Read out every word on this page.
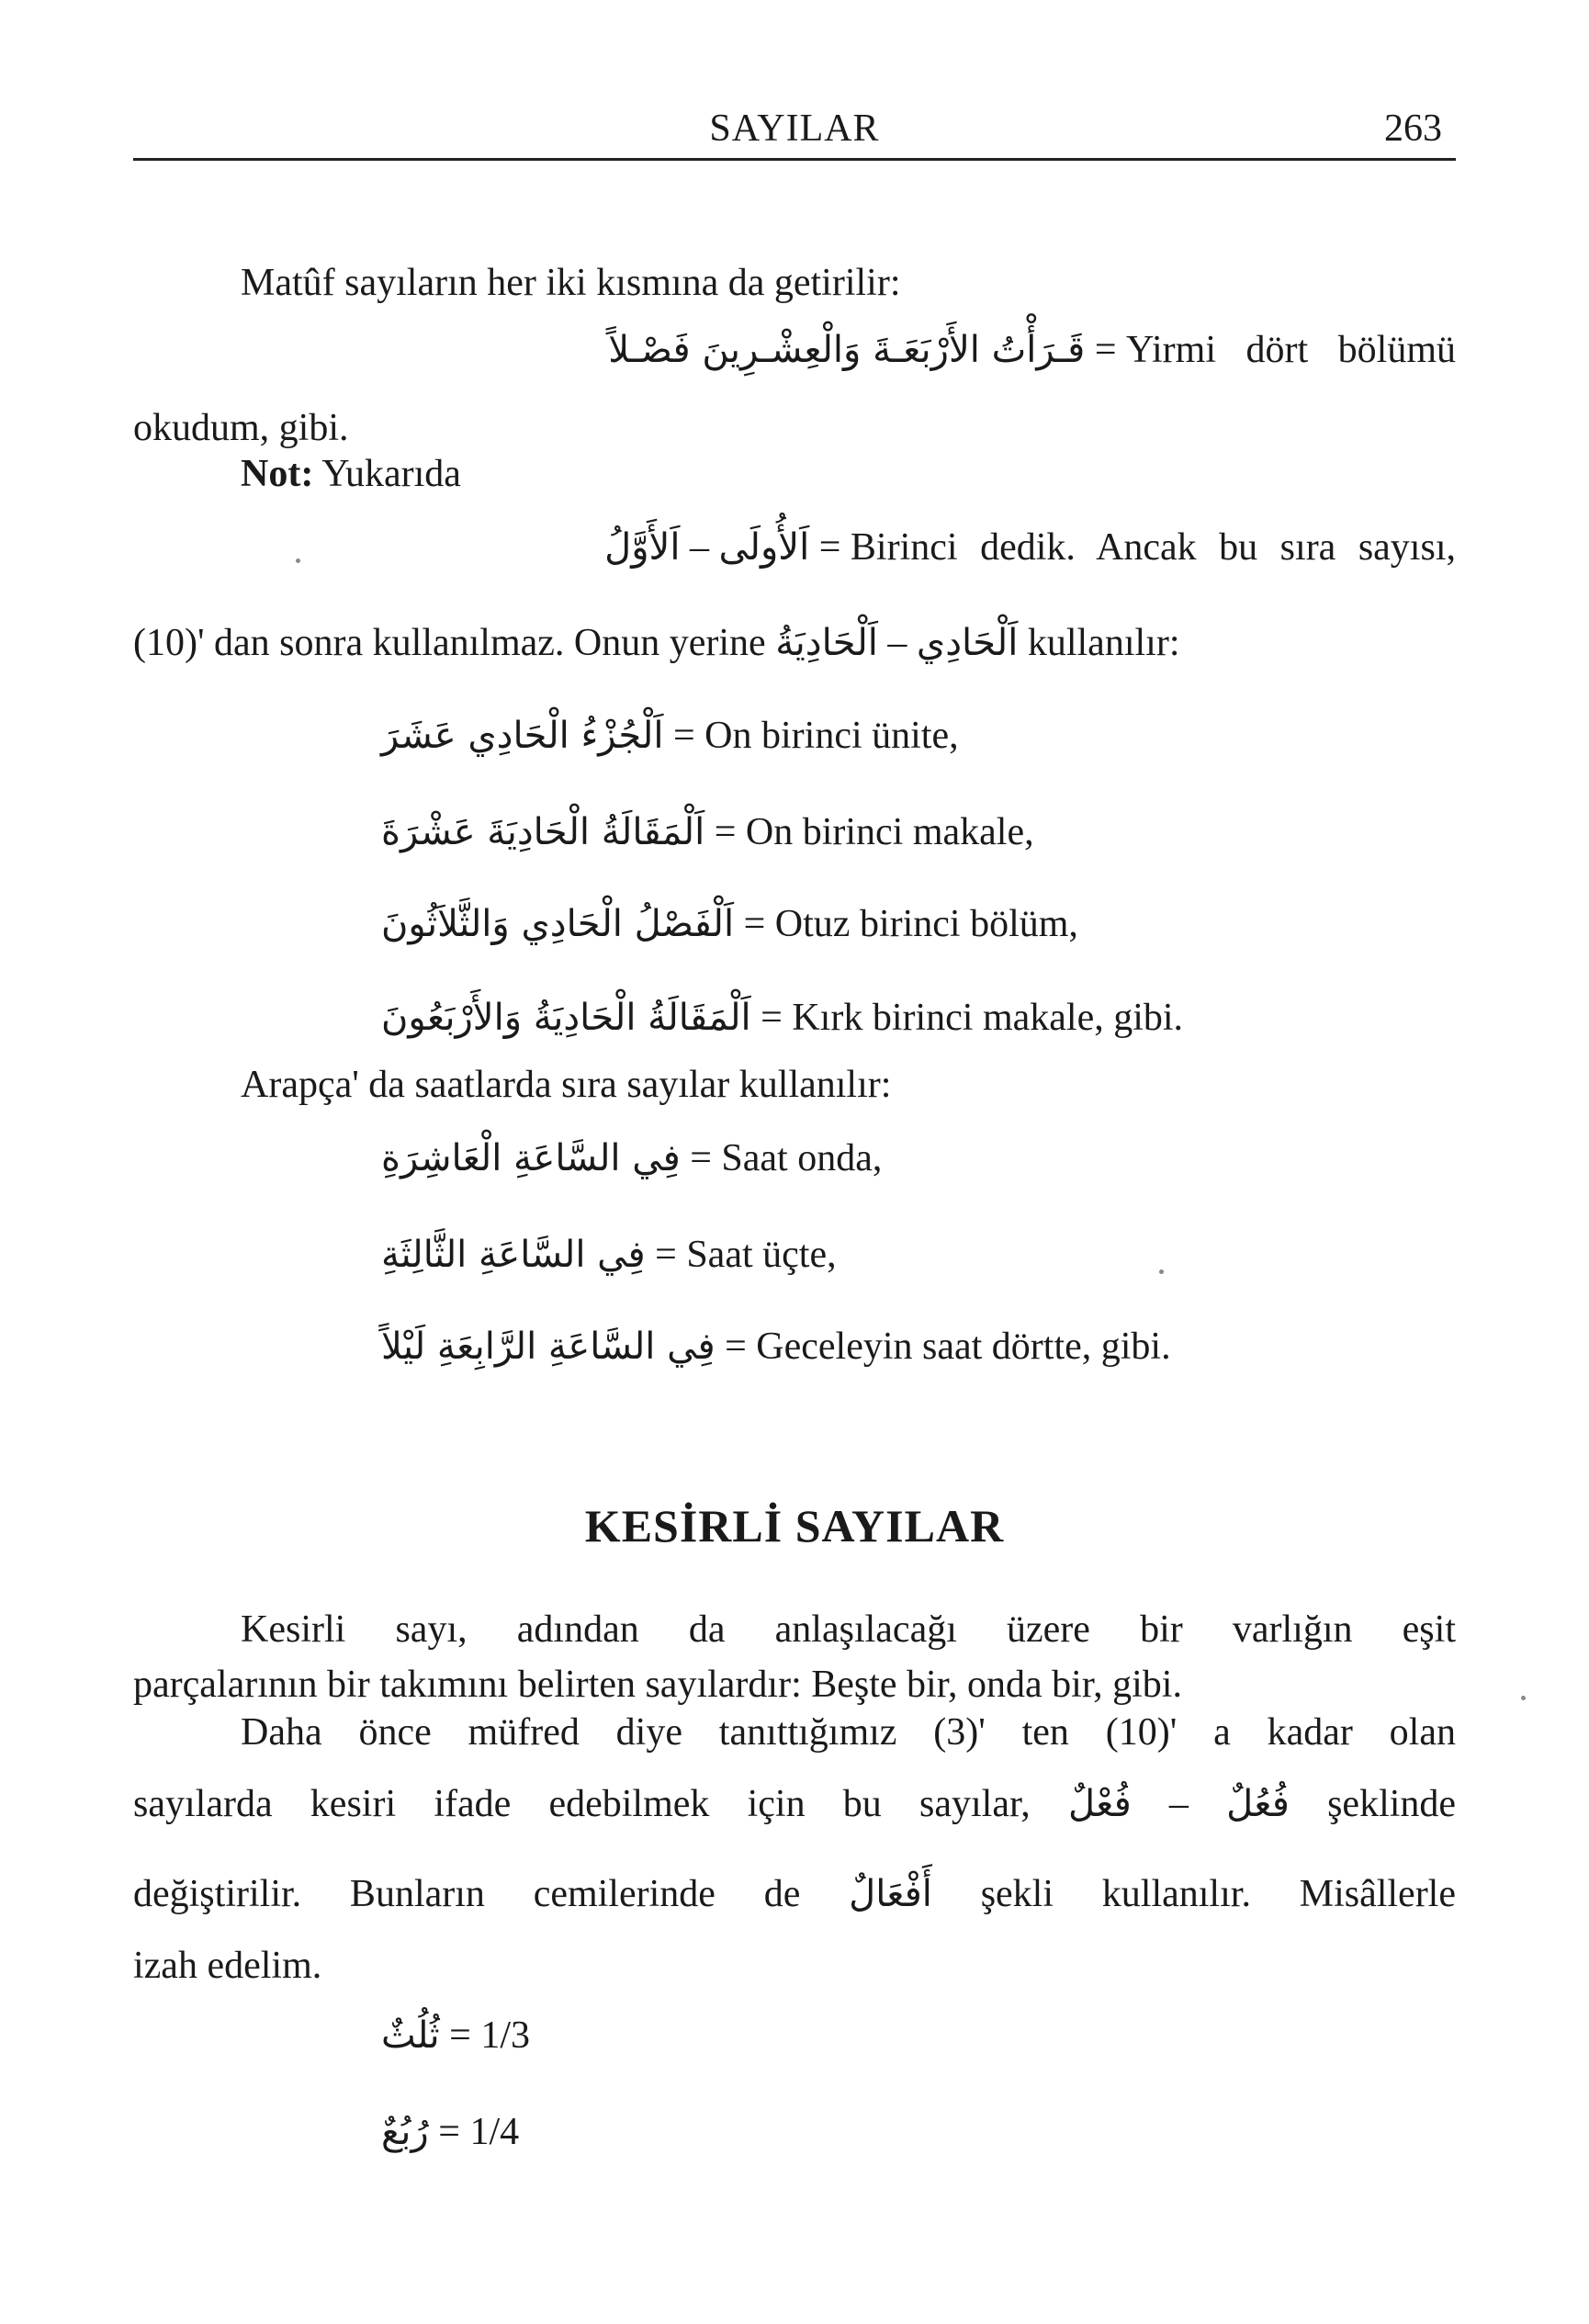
SAYILAR	263
Matûf sayıların her iki kısmına da getirilir:
قَـرَأْتُ الأَرْبَعَـةَ وَالْعِشْـرِينَ فَصْـلاً = Yirmi dört bölümü
okudum, gibi.
Not: Yukarıda
اَلأَوَّلُ – اَلأُولَى = Birinci dedik. Ancak bu sıra sayısı,
(10)' dan sonra kullanılmaz. Onun yerine اَلْحَادِيَةُ – اَلْحَادِي kullanılır:
اَلْجُزْءُ الْحَادِي عَشَرَ = On birinci ünite,
اَلْمَقَالَةُ الْحَادِيَةَ عَشْرَةَ = On birinci makale,
اَلْفَصْلُ الْحَادِي وَالثَّلاَثُونَ = Otuz birinci bölüm,
اَلْمَقَالَةُ الْحَادِيَةُ وَالأَرْبَعُونَ = Kırk birinci makale, gibi.
Arapça' da saatlarda sıra sayılar kullanılır:
فِي السَّاعَةِ الْعَاشِرَةِ = Saat onda,
فِي السَّاعَةِ الثَّالِثَةِ = Saat üçte,
فِي السَّاعَةِ الرَّابِعَةِ لَيْلاً = Geceleyin saat dörtte, gibi.
KESİRLİ SAYILAR
Kesirli sayı, adından da anlaşılacağı üzere bir varlığın eşit
parçalarının bir takımını belirten sayılardır: Beşte bir, onda bir, gibi.
Daha önce müfred diye tanıttığımız (3)' ten (10)' a kadar olan
sayılarda kesiri ifade edebilmek için bu sayılar, فُعْلٌ – فُعُلٌ şeklinde
değiştirilir. Bunların cemilerinde de أَفْعَالٌ şekli kullanılır. Misâllerle
izah edelim.
ثُلُثٌ = 1/3
رُبُعٌ = 1/4
